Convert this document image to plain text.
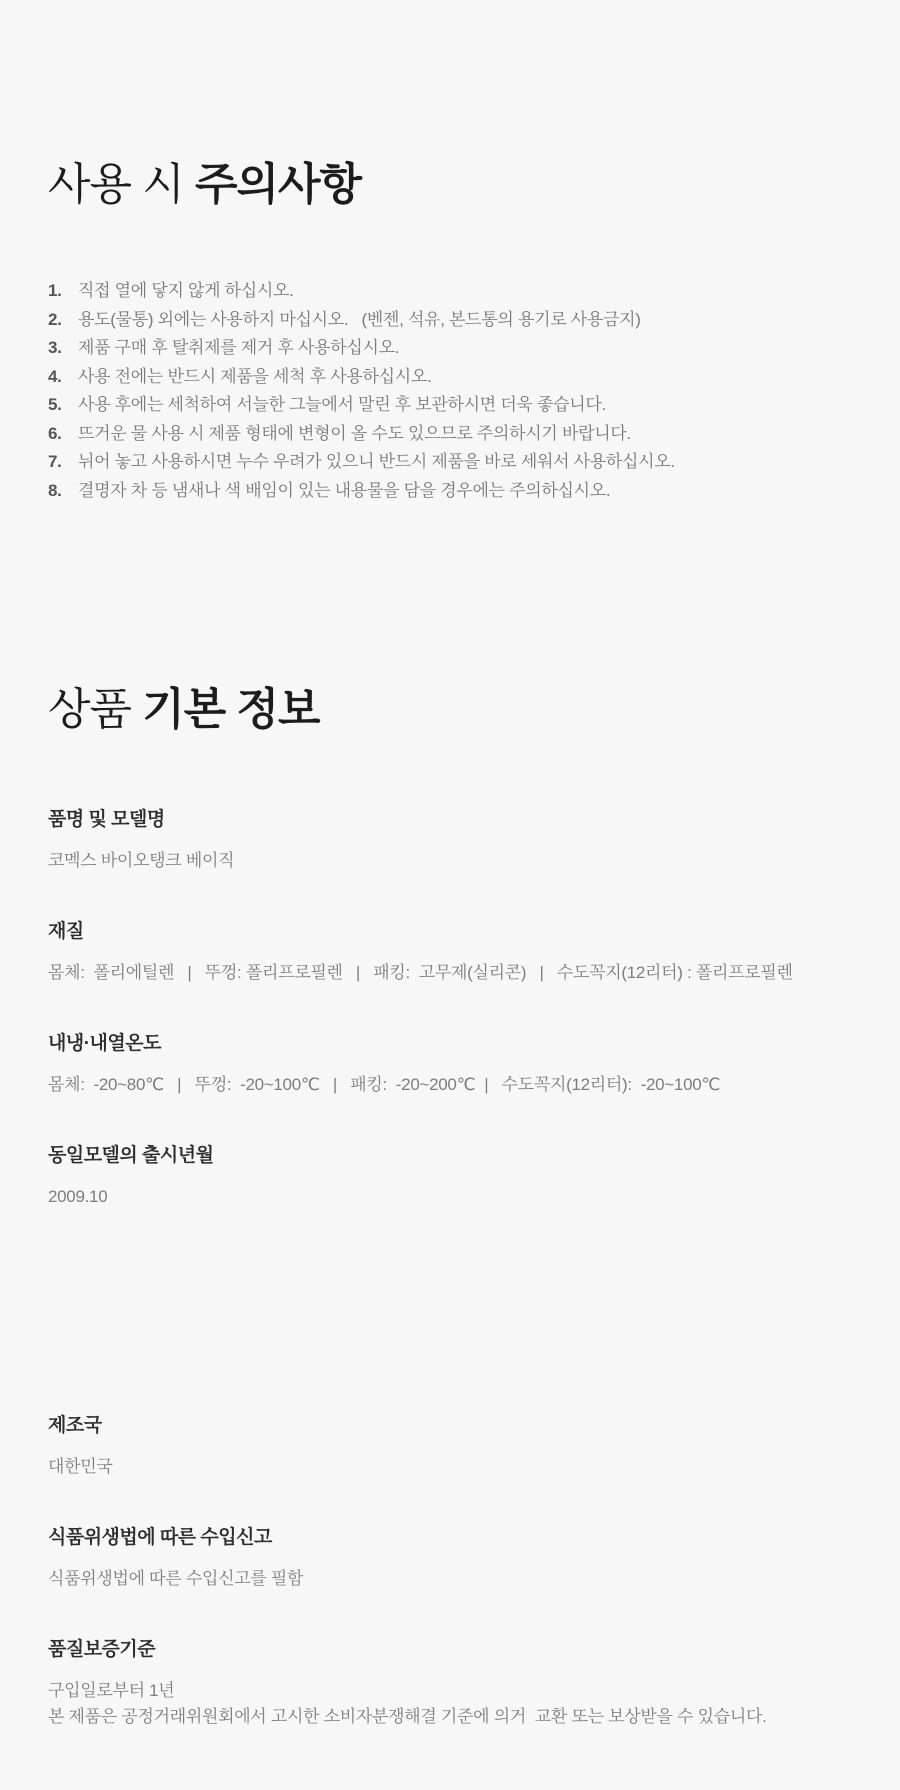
사용 시 주의사항
1. 직접 열에 닿지 않게 하십시오.
2. 용도(물통) 외에는 사용하지 마십시오.   (벤젠, 석유, 본드통의 용기로 사용금지)
3. 제품 구매 후 탈취제를 제거 후 사용하십시오.
4. 사용 전에는 반드시 제품을 세척 후 사용하십시오.
5. 사용 후에는 세척하여 서늘한 그늘에서 말린 후 보관하시면 더욱 좋습니다.
6. 뜨거운 물 사용 시 제품 형태에 변형이 올 수도 있으므로 주의하시기 바랍니다.
7. 뉘어 놓고 사용하시면 누수 우려가 있으니 반드시 제품을 바로 세워서 사용하십시오.
8. 결명자 차 등 냄새나 색 배임이 있는 내용물을 담을 경우에는 주의하십시오.
상품 기본 정보
품명 및 모델명
코멕스 바이오탱크 베이직
재질
몸체:  폴리에틸렌   |   뚜껑: 폴리프로필렌   |   패킹:  고무제(실리콘)   |   수도꼭지(12리터) : 폴리프로필렌
내냉·내열온도
몸체:  -20~80℃   |   뚜껑:  -20~100℃   |   패킹:  -20~200℃  |   수도꼭지(12리터):  -20~100℃
동일모델의 출시년월
2009.10
제조국
대한민국
식품위생법에 따른 수입신고
식품위생법에 따른 수입신고를 필함
품질보증기준
구입일로부터 1년
본 제품은 공정거래위원회에서 고시한 소비자분쟁해결 기준에 의거  교환 또는 보상받을 수 있습니다.
